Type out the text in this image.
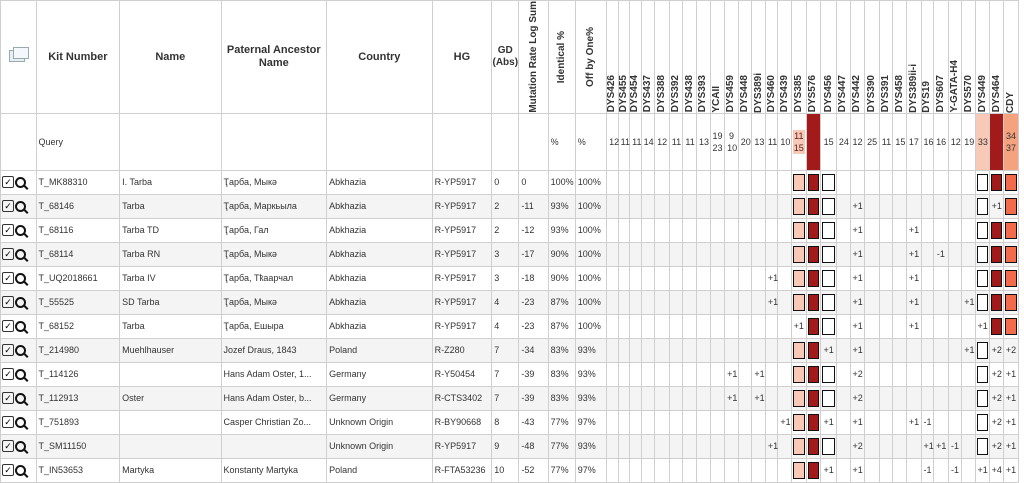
	Kit Number	Name	Paternal Ancestor Name	Country	HG	GD (Abs)	Mutation Rate Log Sum	Identical %	Off by One%	DYS426	DYS455	DYS454	DYS437	DYS388	DYS392	DYS438	DYS393	YCAII	DYS459	DYS448	DYS389i	DYS460	DYS439	DYS385	DYS576	DYS456	DYS447	DYS442	DYS390	DYS391	DYS458	DYS389ii-i	DYS19	DYS607	Y-GATA-H4	DYS570	DYS449	DYS464	CDY

	Query							%	%	12	11	11	14	12	11	11	13	19 23	9 10	20	13	11	10	11 15		15	24	12	25	11	15	17	16	16	12	19	33		34 37
✓	T_MK88310	I. Tarba	Ҭарба, Мыкә	Abkhazia	R-YP5917	0	0	100%	100%															

✓	T_68146	Tarba	Ҭарба, Маркьыла	Abkhazia	R-YP5917	2	-11	93%	100%																			+1										+1	

✓	T_68116	Tarba TD	Ҭарба, Гал	Abkhazia	R-YP5917	2	-12	93%	100%																			+1				+1					

✓	T_68114	Tarba RN	Ҭарба, Мыкә	Abkhazia	R-YP5917	3	-17	90%	100%																			+1				+1		-1			

✓	T_UQ2018661	Tarba IV	Ҭарба, Тҟаарчал	Abkhazia	R-YP5917	3	-18	90%	100%													+1						+1				+1					

✓	T_55525	SD Tarba	Ҭарба, Мыкә	Abkhazia	R-YP5917	4	-23	87%	100%													+1						+1				+1				+1	

✓	T_68152	Tarba	Ҭарба, Ешыра	Abkhazia	R-YP5917	4	-23	87%	100%															+1				+1				+1					+1	

✓	T_214980	Muehlhauser	Jozef Draus, 1843	Poland	R-Z280	7	-34	83%	93%																	+1		+1								+1		+2	+2
✓	T_114126		Hans Adam Oster, 1...	Germany	R-Y50454	7	-39	83%	93%										+1		+1							+2										+2	+1
✓	T_112913	Oster	Hans Adam Oster, b...	Germany	R-CTS3402	7	-39	83%	93%										+1		+1							+2										+2	+1
✓	T_751893		Casper Christian Zo...	Unknown Origin	R-BY90668	8	-43	77%	97%														+1			+1		+1				+1	-1					+2	+1
✓	T_SM11150			Unknown Origin	R-YP5917	9	-48	77%	93%													+1						+2					+1	+1	-1			+2	+1
✓	T_IN53653	Martyka	Konstanty Martyka	Poland	R-FTA53236	10	-52	77%	97%																	+1		+1					-1		-1		+1	+4	+1
